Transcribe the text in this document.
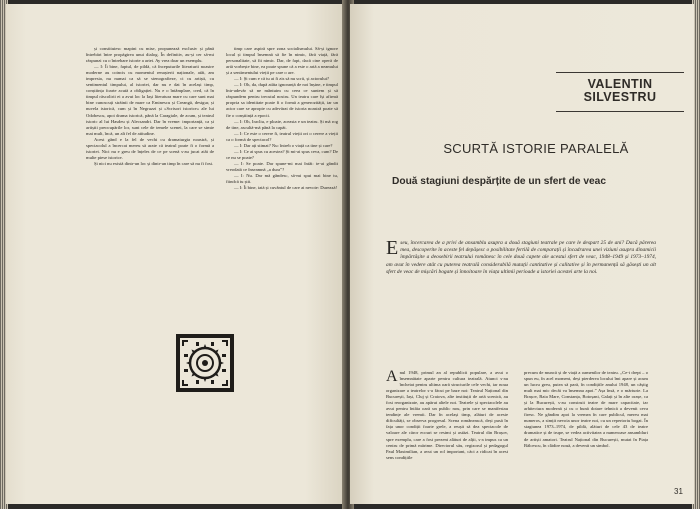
și constituiesc mapini cu mise, propunează exclusiv și până întrebări între propăgirea unui dialog. În definitiv, au-și cer să-mi răspunzi cu o întrebare istorie a artei. Ay vrea doar un exemplu.

— I: Îi bine, faptul, de pildă, că începuturile literaturii noastre moderne au coincis cu momentul renașterii naționale, atât, am impresia, nu numai ca să se stenografieze, ci cu artiști, cu sentimentul timpului, al istoriei, dar nu e dat în același timp, conștiința foarte acută a obligației. Nu e o întâmplare, cred, că în timpul răscolirii ei a avut loc la Iași literatura mare cu care sunt mai bine cunoscuți străinii de mare ca Eminescu și Creangă, desigur, și nuvela istorică, cum și în Negruzzi și »Scrisori istorice« ale lui Odobescu, apoi drama istorică, până la Caragiale, de acum, și teatrul istoric al lui Hasdeu și Alecsandri. Dar în vreme: importanță, ca și artiștii preocupările lor, sunt cele de temele scenei, la care se simte mai mult, încă, un alt fel de atitudine.

Acest gând e la fel de vechi cu dramaturgia noastră, și spectacolul a încercat mereu să arate că teatrul poate fi o formă a istoriei. Nici nu e greu de înțeles de ce pe scenă s-au jucat atât de multe piese istorice.

Și nici nu există dintr-un loc și dintr-un timp în care să nu fi fost.

timp care aspiră spre zona socialismului. Să-și ignore locul și timpul însemnă să fie în nimic, fără viață, fără personalitate, să fii nimic. Dar, de fapt, dacă cine operă de artă vorbește bine, ea poate spune că a este o artă a neamului și a sentimentului vieții pe care o are.

— I: Și cum e că tu ai fi zis să nu scrii, și actorului?

— I: Oh, da, după atâta ignoranță de noi înșine, e timpul într-adevăr să ne mântuim cu ceea ce suntem și să răspundem pentru trecutul nostru. Un teatru care își afirmă propria sa identitate poate fi o formă a generozității, iar un actor care se apropie cu adevărat de istoria noastră poate să fie o conștiință a epocii.

— I: Oh, Iracliu, e ploaie, aceasta e un teatru. Și mă rog de tine, ascultă-mă până la capăt.

— I: Ce este o cerere fi, teatrul vieții ori o cerere a vieții ca o formă de spectacol?

— I: Dar ați stimat? Nu: întreb o viață ca tine și care?

— I: Ce ai spus cu acestea? Și mi-ai spus ceva, cum? De ce nu se poate?

— I: Se poate. Dar spune-mi mai întâi: te-ai gândit vreodată ce înseamnă „a dura”?

— I: Nu. Dar mă gândesc, să-mi spui mai bine tu, fiindcă tu știi.

— I: Îi bine, iată și cuvântul de care ai nevoie: Durează!

VALENTIN SILVESTRU
SCURTĂ ISTORIE PARALELĂ
Două stagiuni despărțite de un sfert de veac

Eseu, încercarea de a privi de ansamblu asupra a două stagiuni teatrale pe care le despart 25 de ani? Dacă părerea mea, descoperite în aceste fel depășesc o posibilitate fertilă de comparații și încadrarea unei viziuni asupra dinamicii împărtășite a deosebirii teatrului românesc în cele două capete ale acestui sfert de veac, 1948–1949 și 1973–1974, am avut în vedere atât cu puterea teatrală considerabilă mutații cantitative și calitative și în permanență să găsești un alt sfert de veac de mișcări bogate și înnoitoare în viața ultimii perioade a istoriei acestei arte la noi.

Anul 1948, primul an al republicii populare, a avut o însemnătate aparte pentru cultura teatrală. Atunci s-au încheiat pentru ultima oară structurile cele vechi, iar noua organizare a teatrelor s-a făcut pe baze noi: Teatrul Național din București, Iași, Cluj și Craiova, alte instituții de artă scenică, au fost reorganizate, au apărut altele noi. Teatrele și spectacolele au avut pentru întâia oară un public nou, prin care se manifestau tendințe ale vremii. Dar în același timp, alături de aceste dificultăți, se observa progresul. Scena românească, deși pusă în fața unor condiții foarte grele, a reușit să dea spectacole de valoare ale căror ecouri se resimt și astăzi. Teatrul din Brașov, spre exemplu, care a fost prezent alături de alții, s-a impus ca un centru de primă mărime. Directorul său, regizorul și pedagogul Paul Maximilian, a avut un rol important, căci a ridicat în acest sens condițiile

precum de muncă și de viață a oamenilor de teatru. „Ce-i drept – o spun eu, în acel moment, deși pierderea locului îmi apare și acum un lucru greu, putea să pară, în condițiile anului 1948, un câștig mult mai mic decât va însemna apoi.” Așa însă, e o mărturie. La Brașov, Baia Mare, Constanța, Botoșani, Galați și în alte orașe, ca și la București, s-au construit teatre de mare capacitate, iar arhitectura modernă și cu o bună dotare tehnică a devenit ceva firesc. Ne gândim apoi la vremea în care publicul, mereu mai numeros, a simțit nevoia unor teatre noi, cu un repertoriu bogat. În stagiunea 1973–1974, de pildă, alături de cele 43 de teatre dramatice și de trupe, se vedea activitatea a numeroase ansambluri de artiști amatori. Teatrul Național din București, mutat în Piața Bălcescu, în clădire nouă, a devenit un simbol.

31
